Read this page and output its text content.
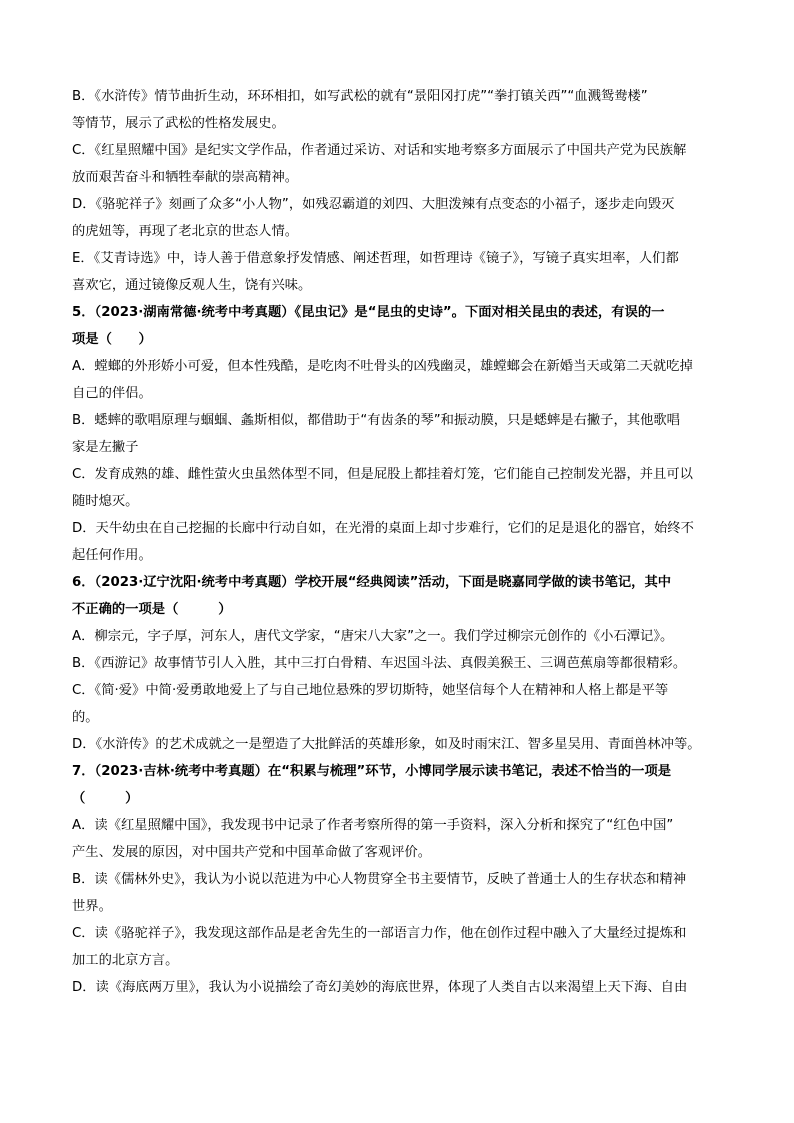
B．《水浒传》情节曲折生动，环环相扣，如写武松的就有“景阳冈打虎”“拳打镇关西”“血溅鸳鸯楼”
等情节，展示了武松的性格发展史。
C．《红星照耀中国》是纪实文学作品，作者通过采访、对话和实地考察多方面展示了中国共产党为民族解
放而艰苦奋斗和牺牲奉献的崇高精神。
D．《骆驼祥子》刻画了众多“小人物”，如残忍霸道的刘四、大胆泼辣有点变态的小福子，逐步走向毁灭
的虎妞等，再现了老北京的世态人情。
E．《艾青诗选》中，诗人善于借意象抒发情感、阐述哲理，如哲理诗《镜子》，写镜子真实坦率，人们都
喜欢它，通过镜像反观人生，饶有兴味。
5．（2023·湖南常德·统考中考真题）《昆虫记》是“昆虫的史诗”。下面对相关昆虫的表述，有误的一
项是（　　）
A．螳螂的外形娇小可爱，但本性残酷，是吃肉不吐骨头的凶残幽灵，雄螳螂会在新婚当天或第二天就吃掉
自己的伴侣。
B．蟋蟀的歌唱原理与蝈蝈、螽斯相似，都借助于“有齿条的琴”和振动膜，只是蟋蟀是右撇子，其他歌唱
家是左撇子
C．发育成熟的雄、雌性萤火虫虽然体型不同，但是屁股上都挂着灯笼，它们能自己控制发光器，并且可以
随时熄灭。
D．天牛幼虫在自己挖掘的长廊中行动自如，在光滑的桌面上却寸步难行，它们的足是退化的器官，始终不
起任何作用。
6．（2023·辽宁沈阳·统考中考真题）学校开展“经典阅读”活动，下面是晓嘉同学做的读书笔记，其中
不正确的一项是（　　　）
A．柳宗元，字子厚，河东人，唐代文学家，“唐宋八大家”之一。我们学过柳宗元创作的《小石潭记》。
B．《西游记》故事情节引人入胜，其中三打白骨精、车迟国斗法、真假美猴王、三调芭蕉扇等都很精彩。
C．《简·爱》中简·爱勇敢地爱上了与自己地位悬殊的罗切斯特，她坚信每个人在精神和人格上都是平等
的。
D．《水浒传》的艺术成就之一是塑造了大批鲜活的英雄形象，如及时雨宋江、智多星吴用、青面兽林冲等。
7．（2023·吉林·统考中考真题）在“积累与梳理”环节，小博同学展示读书笔记，表述不恰当的一项是
（　　　）
A．读《红星照耀中国》，我发现书中记录了作者考察所得的第一手资料，深入分析和探究了“红色中国”
产生、发展的原因，对中国共产党和中国革命做了客观评价。
B．读《儒林外史》，我认为小说以范进为中心人物贯穿全书主要情节，反映了普通士人的生存状态和精神
世界。
C．读《骆驼祥子》，我发现这部作品是老舍先生的一部语言力作，他在创作过程中融入了大量经过提炼和
加工的北京方言。
D．读《海底两万里》，我认为小说描绘了奇幻美妙的海底世界，体现了人类自古以来渴望上天下海、自由
